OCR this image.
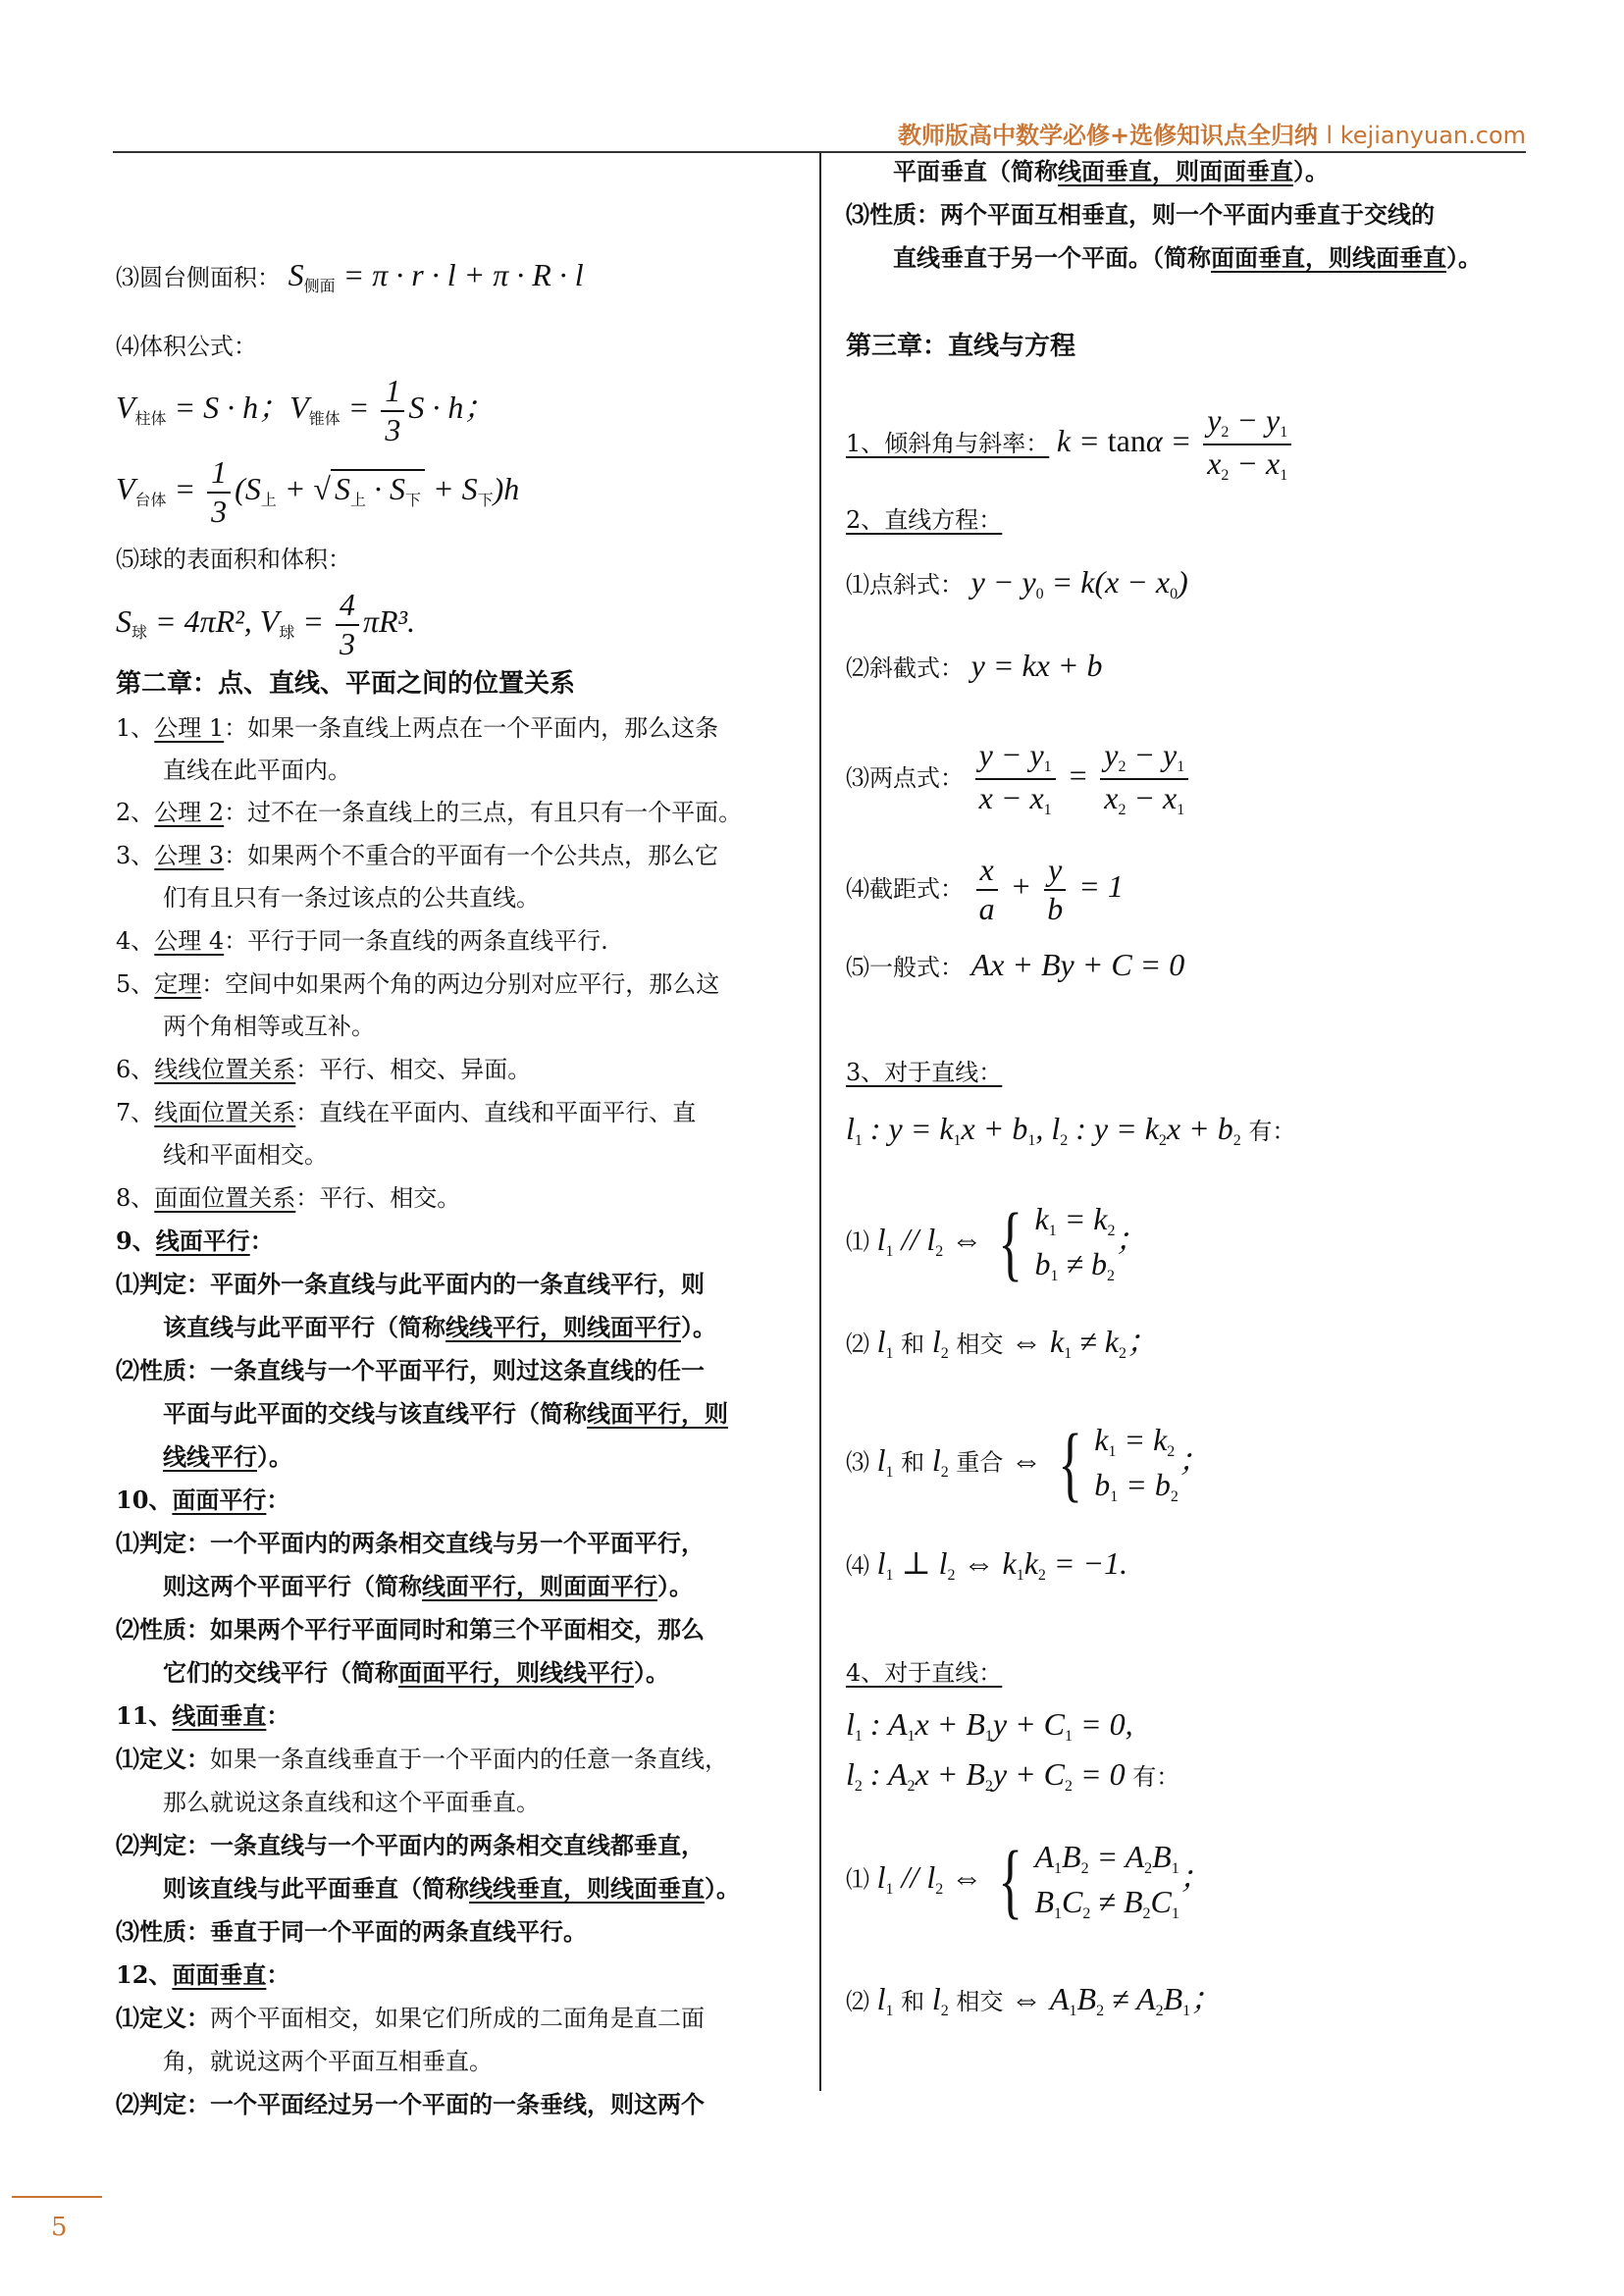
教师版高中数学必修+选修知识点全归纳 l kejianyuan.com
⑶圆台侧面积： $S_{侧面} = \pi \cdot r \cdot l + \pi \cdot R \cdot l$
⑷体积公式：
$V_{柱体} = S \cdot h$；$V_{锥体} = \frac{1}{3}$ S · h；
$V_{台体} = \frac{1}{3} (S_上$ + √ $S_上 \cdot S_下 + S_下)h$
⑸球的表面积和体积：
$S_球 = 4\pi R^2$, $V_球 = \frac{4}{3} \pi R^3$.
第二章：点、直线、平面之间的位置关系
1、公理 1：如果一条直线上两点在一个平面内，那么这条
直线在此平面内。
2、公理 2：过不在一条直线上的三点，有且只有一个平面。
3、公理 3：如果两个不重合的平面有一个公共点，那么它
们有且只有一条过该点的公共直线。
4、公理 4：平行于同一条直线的两条直线平行.
5、定理：空间中如果两个角的两边分别对应平行，那么这
两个角相等或互补。
6、线线位置关系：平行、相交、异面。
7、线面位置关系：直线在平面内、直线和平面平行、直
线和平面相交。
8、面面位置关系：平行、相交。
9、线面平行：
⑴判定：平面外一条直线与此平面内的一条直线平行，则
该直线与此平面平行（简称线线平行，则线面平行）。
⑵性质：一条直线与一个平面平行，则过这条直线的任一
平面与此平面的交线与该直线平行（简称线面平行，则
线线平行）。
10、面面平行：
⑴判定：一个平面内的两条相交直线与另一个平面平行，
则这两个平面平行（简称线面平行，则面面平行）。
⑵性质：如果两个平行平面同时和第三个平面相交，那么
它们的交线平行（简称面面平行，则线线平行）。
11、线面垂直：
⑴定义：如果一条直线垂直于一个平面内的任意一条直线，
那么就说这条直线和这个平面垂直。
⑵判定：一条直线与一个平面内的两条相交直线都垂直，
则该直线与此平面垂直（简称线线垂直，则线面垂直）。
⑶性质：垂直于同一个平面的两条直线平行。
12、面面垂直：
⑴定义：两个平面相交，如果它们所成的二面角是直二面
角，就说这两个平面互相垂直。
⑵判定：一个平面经过另一个平面的一条垂线，则这两个
平面垂直（简称线面垂直，则面面垂直）。
⑶性质：两个平面互相垂直，则一个平面内垂直于交线的
直线垂直于另一个平面。（简称面面垂直，则线面垂直）。
第三章：直线与方程
1、倾斜角与斜率： $k = \tan\alpha = \frac{y_2 - y_1}{x_2 - x_1}$
2、直线方程：
⑴点斜式： $y - y_0 = k(x - x_0)$
⑵斜截式： y = kx + b
⑶两点式： $\frac{y - y_1}{x - x_1} = \frac{y_2 - y_1}{x_2 - x_1}$
⑷截距式： $\frac{x}{a} + \frac{y}{b} = 1$
⑸一般式： Ax + By + C = 0
3、对于直线：
$l_1$ : $y = k_1x + b_1$, $l_2$ : $y = k_2x + b_2$ 有：
⑴ $l_1 // l_2$ ⇔ { $k_1 = k_2$
$b_1 \ne b_2$
；
⑵ $l_1$ 和 $l_2$ 相交 ⇔ $k_1 \ne k_2$；
⑶ $l_1$ 和 $l_2$ 重合 ⇔ { $k_1 = k_2$
$b_1 = b_2$
；
⑷ $l_1$ ⊥ $l_2$ ⇔ $k_1k_2 = -1$.
4、对于直线：
$l_1$ : $A_1x + B_1y + C_1 = 0$,
$l_2$ : $A_2x + B_2y + C_2 = 0$ 有：
⑴ $l_1 // l_2$ ⇔ { $A_1B_2 = A_2B_1$
$B_1C_2 \ne B_2C_1$
；
⑵ $l_1$ 和 $l_2$ 相交 ⇔ $A_1B_2 \ne A_2B_1$；
5
